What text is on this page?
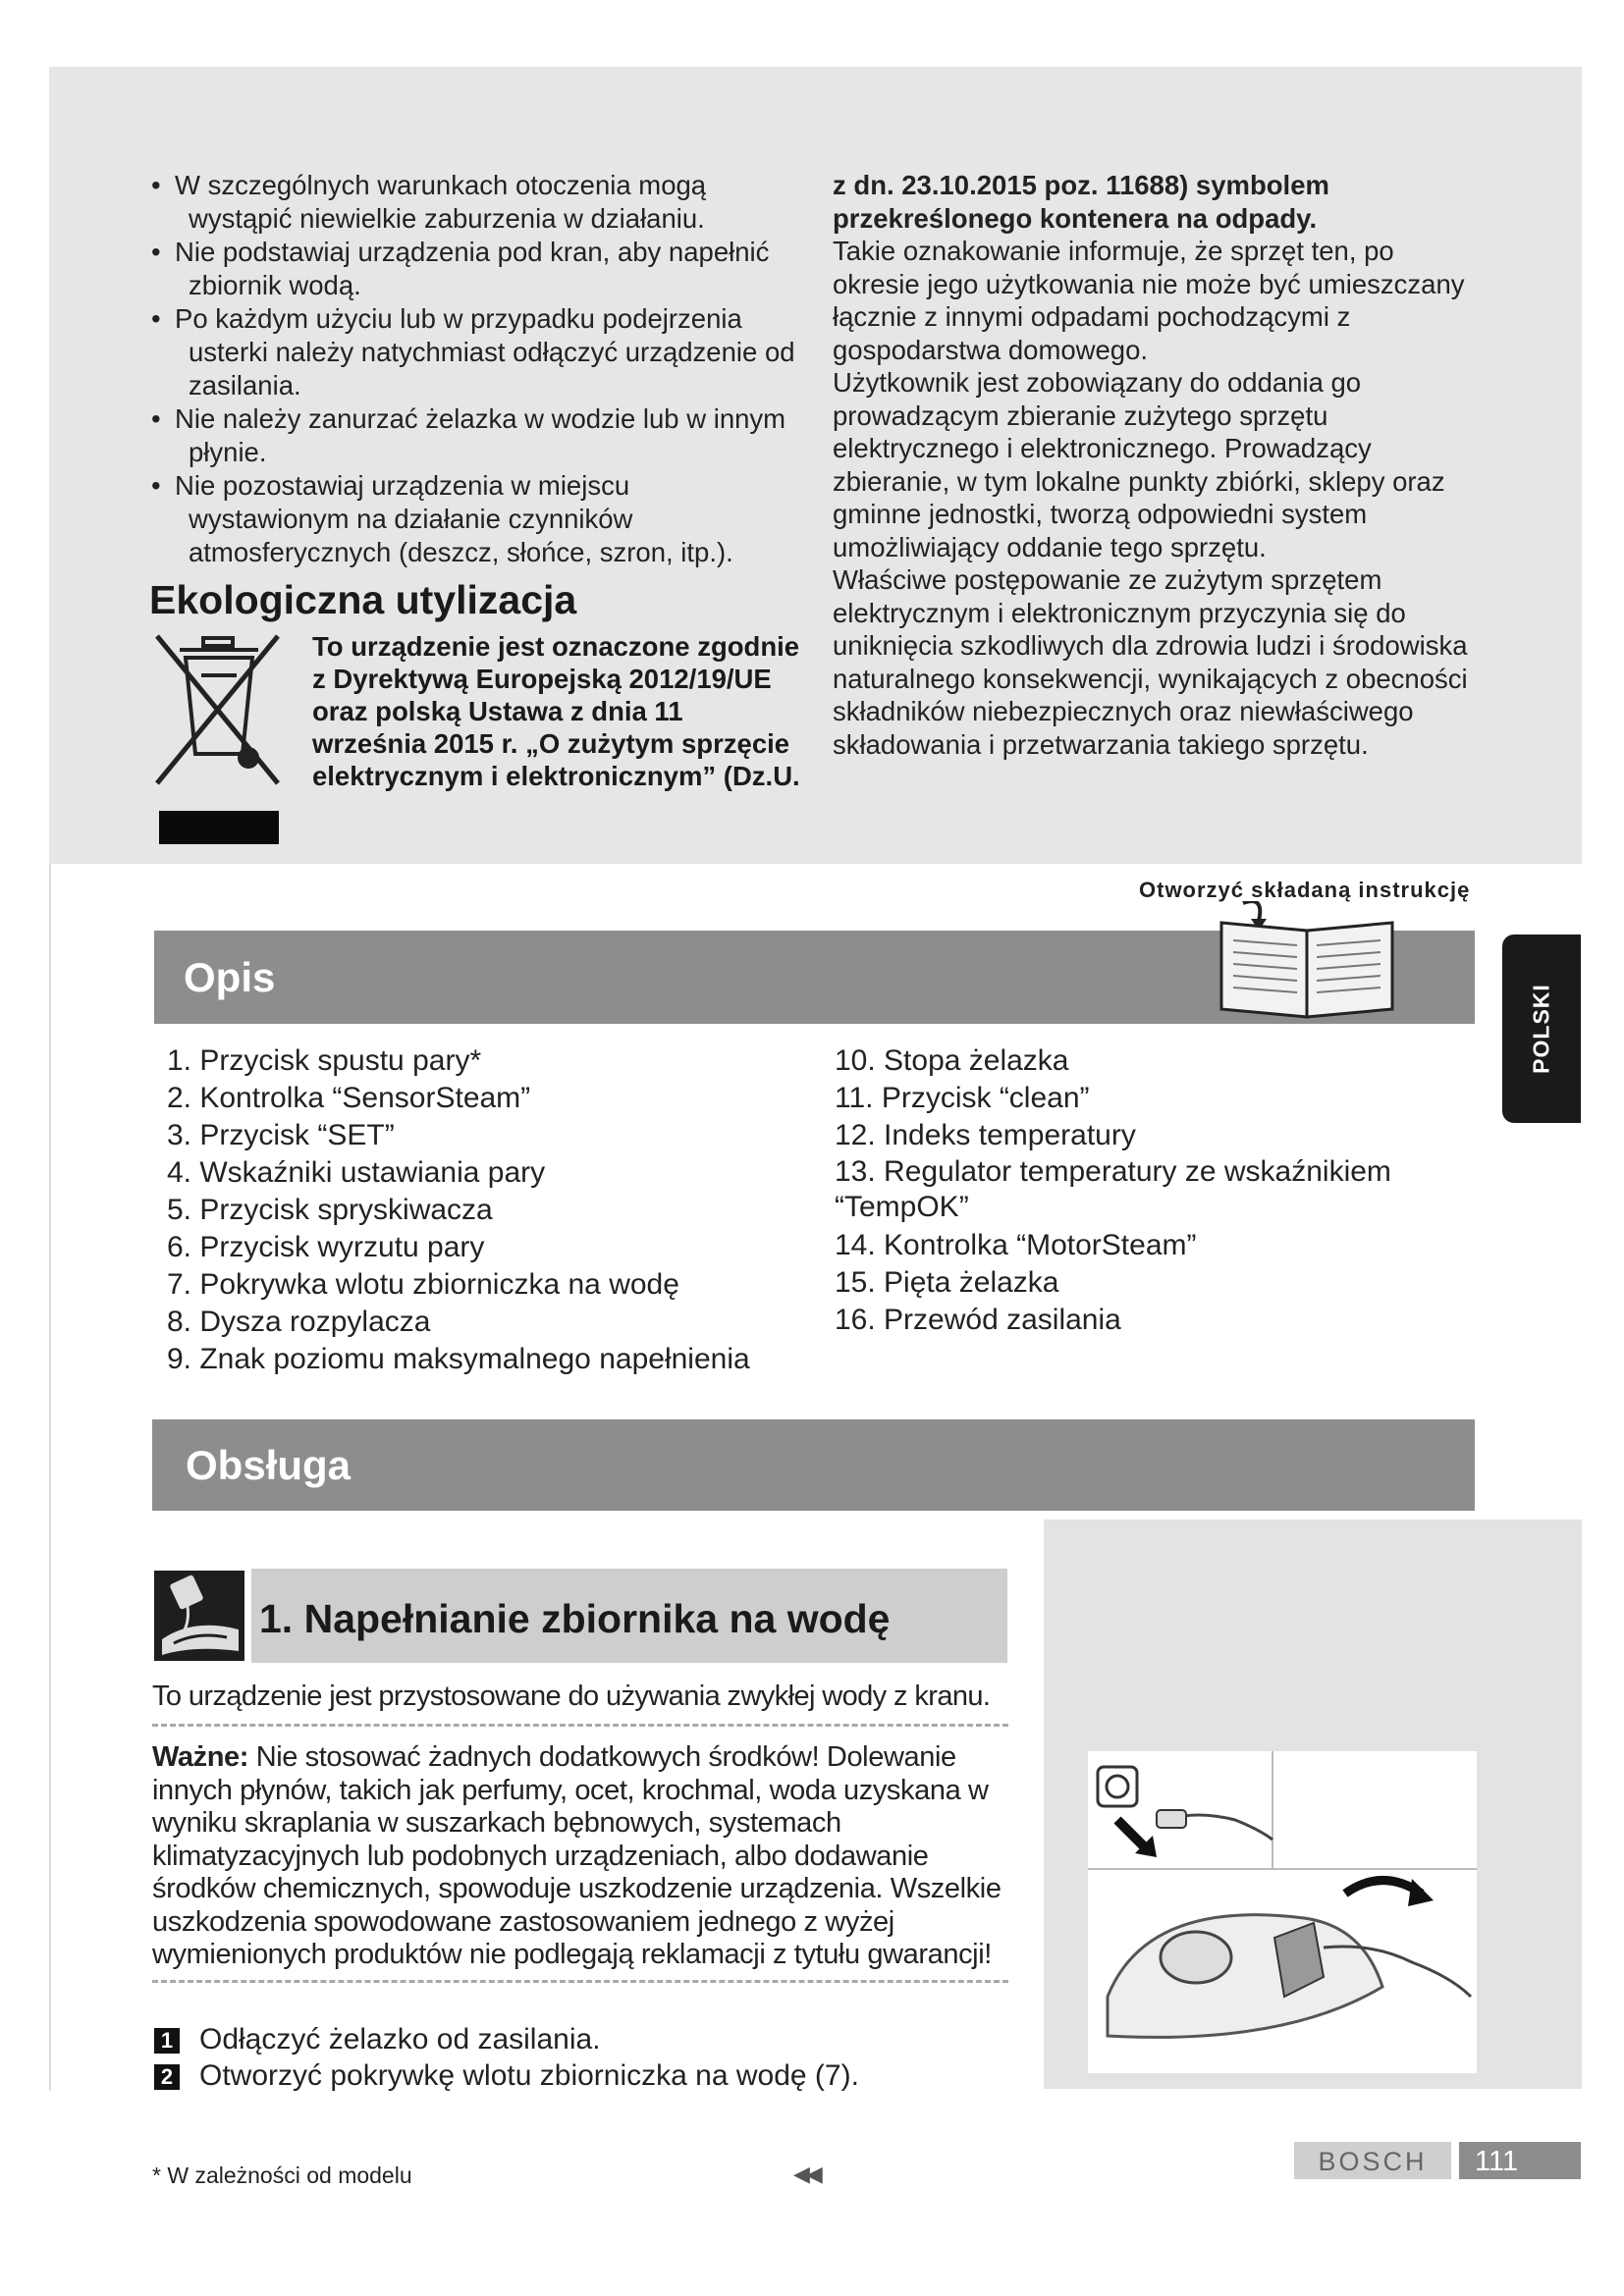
• W szczególnych warunkach otoczenia mogą
wystąpić niewielkie zaburzenia w działaniu.
• Nie podstawiaj urządzenia pod kran, aby napełnić
zbiornik wodą.
• Po każdym użyciu lub w przypadku podejrzenia
usterki należy natychmiast odłączyć urządzenie od
zasilania.
• Nie należy zanurzać żelazka w wodzie lub w innym
płynie.
• Nie pozostawiaj urządzenia w miejscu
wystawionym na działanie czynników
atmosferycznych (deszcz, słońce, szron, itp.).
Ekologiczna utylizacja
To urządzenie jest oznaczone zgodnie
z Dyrektywą Europejską 2012/19/UE
oraz polską Ustawa z dnia 11
września 2015 r. „O zużytym sprzęcie
elektrycznym i elektronicznym” (Dz.U.

z dn. 23.10.2015 poz. 11688) symbolem

przekreślonego kontenera na odpady.

Takie oznakowanie informuje, że sprzęt ten, po

okresie jego użytkowania nie może być umieszczany

łącznie z innymi odpadami pochodzącymi z

gospodarstwa domowego.

Użytkownik jest zobowiązany do oddania go

prowadzącym zbieranie zużytego sprzętu

elektrycznego i elektronicznego. Prowadzący

zbieranie, w tym lokalne punkty zbiórki, sklepy oraz

gminne jednostki, tworzą odpowiedni system

umożliwiający oddanie tego sprzętu.

Właściwe postępowanie ze zużytym sprzętem

elektrycznym i elektronicznym przyczynia się do

uniknięcia szkodliwych dla zdrowia ludzi i środowiska

naturalnego konsekwencji, wynikających z obecności

składników niebezpiecznych oraz niewłaściwego

składowania i przetwarzania takiego sprzętu.

Otworzyć składaną instrukcję
Opis
POLSKI
1. Przycisk spustu pary*
2. Kontrolka “SensorSteam”
3. Przycisk “SET”
4. Wskaźniki ustawiania pary
5. Przycisk spryskiwacza
6. Przycisk wyrzutu pary
7. Pokrywka wlotu zbiorniczka na wodę
8. Dysza rozpylacza
9. Znak poziomu maksymalnego napełnienia
10. Stopa żelazka
11. Przycisk “clean”
12. Indeks temperatury
13. Regulator temperatury ze wskaźnikiem “TempOK”
14. Kontrolka “MotorSteam”
15. Pięta żelazka
16. Przewód zasilania
Obsługa
1. Napełnianie zbiornika na wodę
To urządzenie jest przystosowane do używania zwykłej wody z kranu.
Ważne: Nie stosować żadnych dodatkowych środków! Dolewanie
innych płynów, takich jak perfumy, ocet, krochmal, woda uzyskana w
wyniku skraplania w suszarkach bębnowych, systemach
klimatyzacyjnych lub podobnych urządzeniach, albo dodawanie
środków chemicznych, spowoduje uszkodzenie urządzenia. Wszelkie
uszkodzenia spowodowane zastosowaniem jednego z wyżej
wymienionych produktów nie podlegają reklamacji z tytułu gwarancji!
1 Odłączyć żelazko od zasilania.
2 Otworzyć pokrywkę wlotu zbiorniczka na wodę (7).
* W zależności od modelu	◀◀	BOSCH	111
